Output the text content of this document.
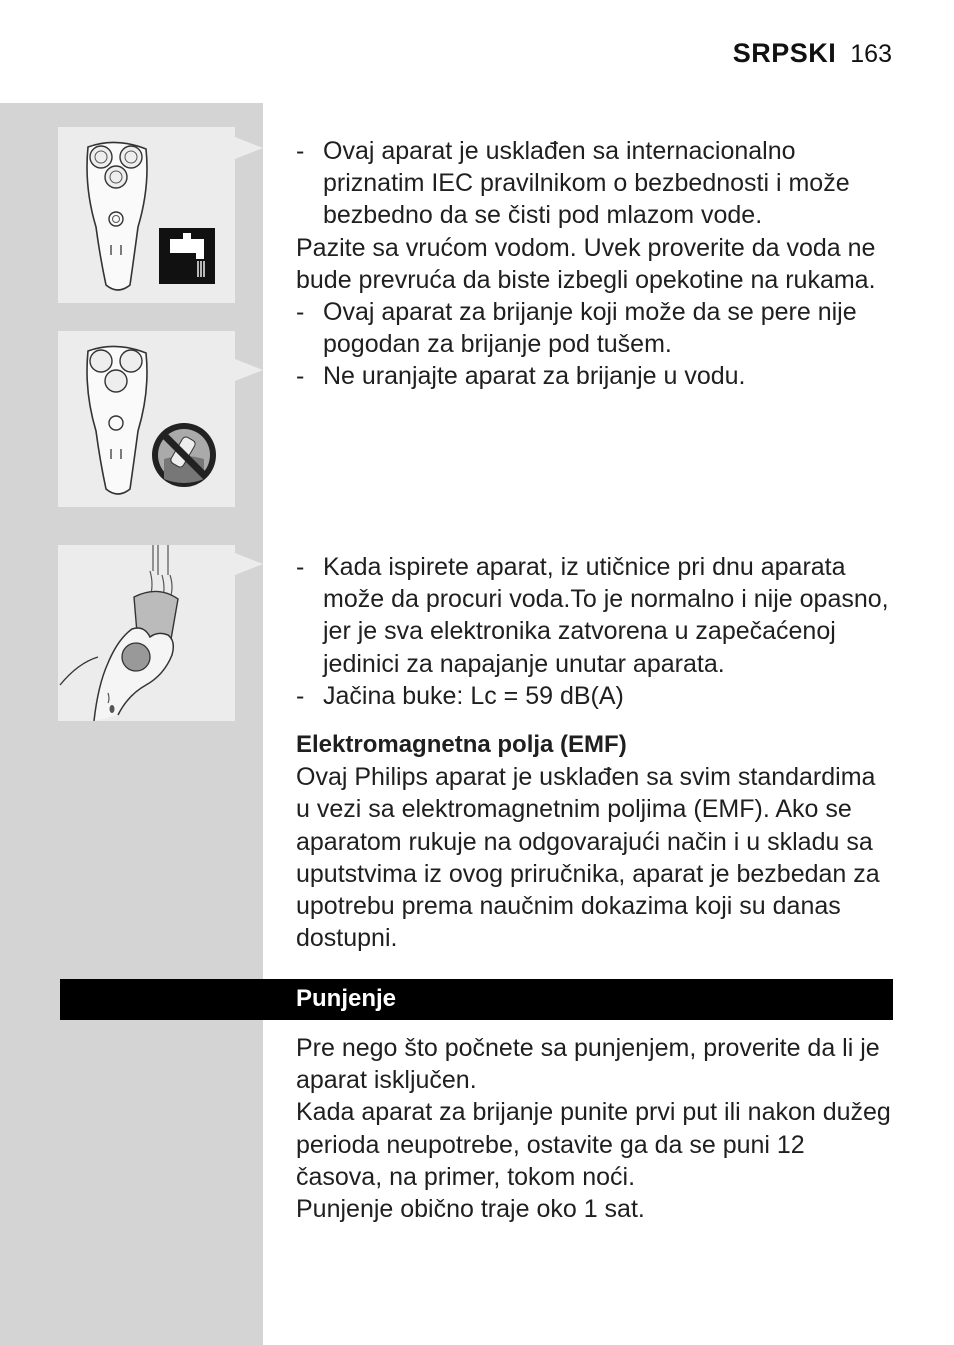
SRPSKI 163

- Ovaj aparat je usklađen sa internacionalno priznatim IEC pravilnikom o bezbednosti i može bezbedno da se čisti pod mlazom vode.

Pazite sa vrućom vodom. Uvek proverite da voda ne bude prevruća da biste izbegli opekotine na rukama.

- Ovaj aparat za brijanje koji može da se pere nije pogodan za brijanje pod tušem.

- Ne uranjajte aparat za brijanje u vodu.

- Kada ispirete aparat, iz utičnice pri dnu aparata može da procuri voda.To je normalno i nije opasno, jer je sva elektronika zatvorena u zapečaćenoj jedinici za napajanje unutar aparata.

- Jačina buke: Lc = 59 dB(A)

Elektromagnetna polja (EMF)

Ovaj Philips aparat je usklađen sa svim standardima u vezi sa elektromagnetnim poljima (EMF). Ako se aparatom rukuje na odgovarajući način i u skladu sa uputstvima iz ovog priručnika, aparat je bezbedan za upotrebu prema naučnim dokazima koji su danas dostupni.

Punjenje

Pre nego što počnete sa punjenjem, proverite da li je aparat isključen.

Kada aparat za brijanje punite prvi put ili nakon dužeg perioda neupotrebe, ostavite ga da se puni 12 časova, na primer, tokom noći.

Punjenje obično traje oko 1 sat.
